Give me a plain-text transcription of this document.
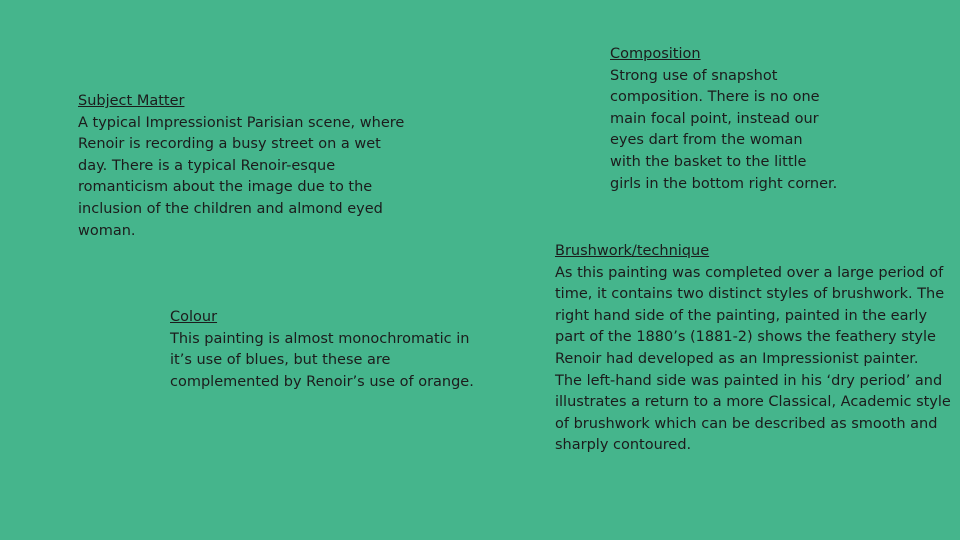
Subject Matter
A typical Impressionist Parisian scene, where
Renoir is recording a busy street on a wet
day. There is a typical Renoir-esque
romanticism about the image due to the
inclusion of the children and almond eyed
woman.
Colour
This painting is almost monochromatic in
it’s use of blues, but these are
complemented by Renoir’s use of orange.
Composition
Strong use of snapshot
composition. There is no one
main focal point, instead our
eyes dart from the woman
with the basket to the little
girls in the bottom right corner.
Brushwork/technique
As this painting was completed over a large period of
time, it contains two distinct styles of brushwork. The
right hand side of the painting, painted in the early
part of the 1880’s (1881-2) shows the feathery style
Renoir had developed as an Impressionist painter.
The left-hand side was painted in his ‘dry period’ and
illustrates a return to a more Classical, Academic style
of brushwork which can be described as smooth and
sharply contoured.
